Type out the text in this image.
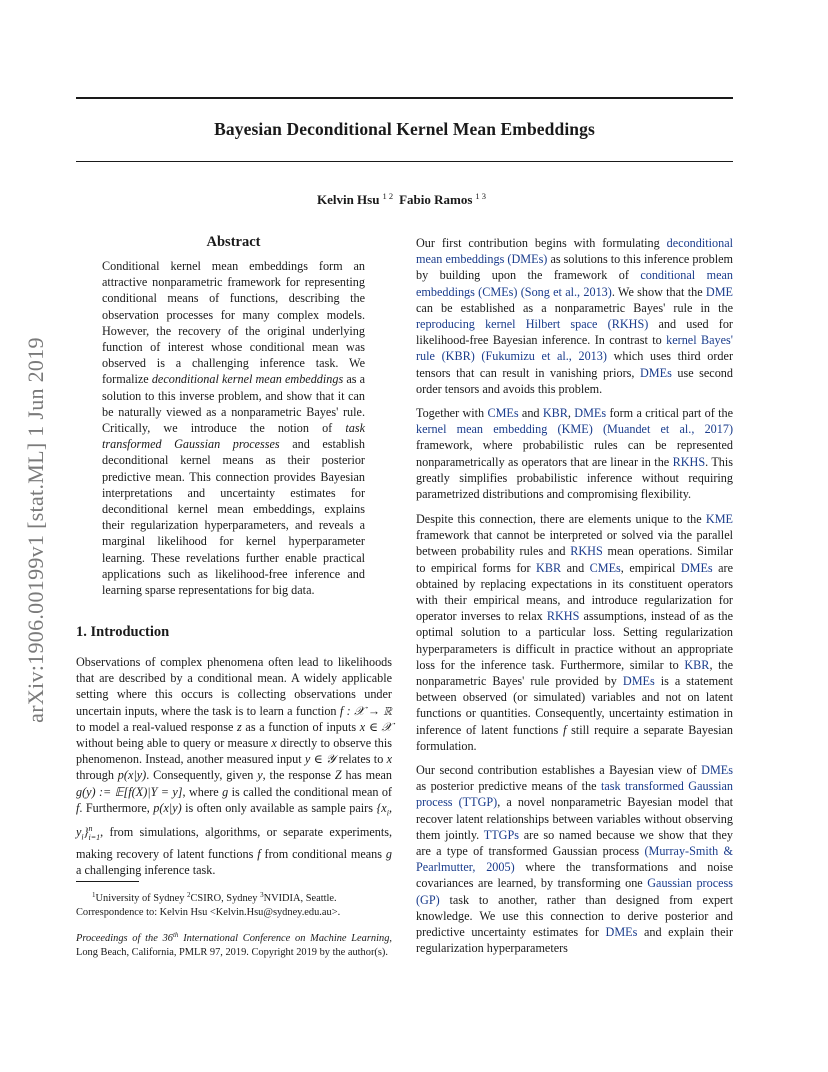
arXiv:1906.00199v1 [stat.ML] 1 Jun 2019
Bayesian Deconditional Kernel Mean Embeddings
Kelvin Hsu $^{1 2}$ Fabio Ramos $^{1 3}$
Abstract

Conditional kernel mean embeddings form an attractive nonparametric framework for representing conditional means of functions, describing the observation processes for many complex models. However, the recovery of the original underlying function of interest whose conditional mean was observed is a challenging inference task. We formalize deconditional kernel mean embeddings as a solution to this inverse problem, and show that it can be naturally viewed as a nonparametric Bayes' rule. Critically, we introduce the notion of task transformed Gaussian processes and establish deconditional kernel means as their posterior predictive mean. This connection provides Bayesian interpretations and uncertainty estimates for deconditional kernel mean embeddings, explains their regularization hyperparameters, and reveals a marginal likelihood for kernel hyperparameter learning. These revelations further enable practical applications such as likelihood-free inference and learning sparse representations for big data.

1. Introduction

Observations of complex phenomena often lead to likelihoods that are described by a conditional mean. A widely applicable setting where this occurs is collecting observations under uncertain inputs, where the task is to learn a function f : 𝒳 → ℝ to model a real-valued response z as a function of inputs x ∈ 𝒳 without being able to query or measure x directly to observe this phenomenon. Instead, another measured input y ∈ 𝒴 relates to x through p(x|y). Consequently, given y, the response Z has mean g(y) := 𝔼[f(X)|Y = y], where g is called the conditional mean of f. Furthermore, p(x|y) is often only available as sample pairs {$x_i$, $y_i\}^n_{i=1}$, from simulations, algorithms, or separate experiments, making recovery of latent functions f from conditional means g a challenging inference task.

$^1$University of Sydney $^2$CSIRO, Sydney $^3$NVIDIA, Seattle.
Correspondence to: Kelvin Hsu <Kelvin.Hsu@sydney.edu.au>.

Proceedings of the 36th International Conference on Machine Learning, Long Beach, California, PMLR 97, 2019. Copyright 2019 by the author(s).

Our first contribution begins with formulating deconditional mean embeddings (DMEs) as solutions to this inference problem by building upon the framework of conditional mean embeddings (CMEs) (Song et al., 2013). We show that the DME can be established as a nonparametric Bayes' rule in the reproducing kernel Hilbert space (RKHS) and used for likelihood-free Bayesian inference. In contrast to kernel Bayes' rule (KBR) (Fukumizu et al., 2013) which uses third order tensors that can result in vanishing priors, DMEs use second order tensors and avoids this problem.

Together with CMEs and KBR, DMEs form a critical part of the kernel mean embedding (KME) (Muandet et al., 2017) framework, where probabilistic rules can be represented nonparametrically as operators that are linear in the RKHS. This greatly simplifies probabilistic inference without requiring parametrized distributions and compromising flexibility.

Despite this connection, there are elements unique to the KME framework that cannot be interpreted or solved via the parallel between probability rules and RKHS mean operations. Similar to empirical forms for KBR and CMEs, empirical DMEs are obtained by replacing expectations in its constituent operators with their empirical means, and introduce regularization for operator inverses to relax RKHS assumptions, instead of as the optimal solution to a particular loss. Setting regularization hyperparameters is difficult in practice without an appropriate loss for the inference task. Furthermore, similar to KBR, the nonparametric Bayes' rule provided by DMEs is a statement between observed (or simulated) variables and not on latent functions or quantities. Consequently, uncertainty estimation in inference of latent functions f still require a separate Bayesian formulation.

Our second contribution establishes a Bayesian view of DMEs as posterior predictive means of the task transformed Gaussian process (TTGP), a novel nonparametric Bayesian model that recover latent relationships between variables without observing them jointly. TTGPs are so named because we show that they are a type of transformed Gaussian process (Murray-Smith & Pearlmutter, 2005) where the transformations and noise covariances are learned, by transforming one Gaussian process (GP) task to another, rather than designed from expert knowledge. We use this connection to derive posterior and predictive uncertainty estimates for DMEs and explain their regularization hyperparameters
